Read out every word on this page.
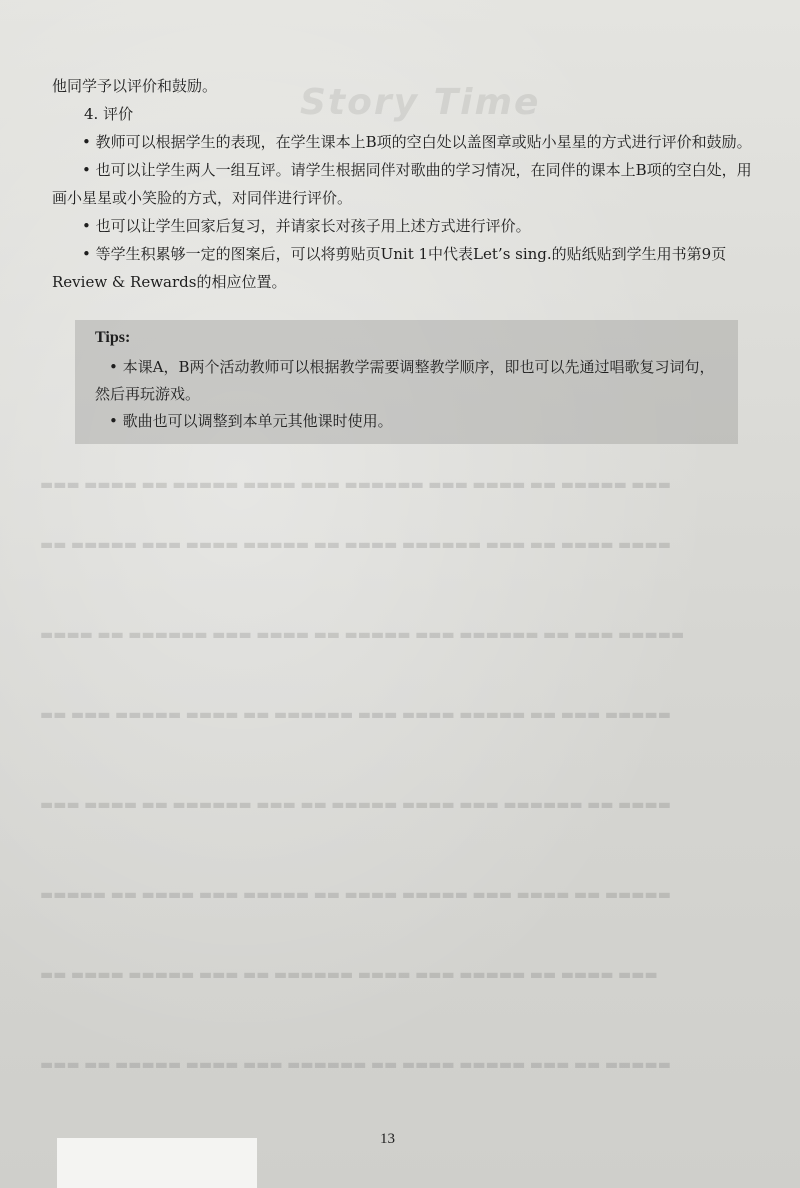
Story Time
▬▬▬ ▬▬▬▬ ▬▬ ▬▬▬▬▬ ▬▬▬▬ ▬▬▬ ▬▬▬▬▬▬ ▬▬▬ ▬▬▬▬ ▬▬ ▬▬▬▬▬ ▬▬▬
▬▬ ▬▬▬▬▬ ▬▬▬ ▬▬▬▬ ▬▬▬▬▬ ▬▬ ▬▬▬▬ ▬▬▬▬▬▬ ▬▬▬ ▬▬ ▬▬▬▬ ▬▬▬▬
▬▬▬▬ ▬▬ ▬▬▬▬▬▬ ▬▬▬ ▬▬▬▬ ▬▬ ▬▬▬▬▬ ▬▬▬ ▬▬▬▬▬▬ ▬▬ ▬▬▬ ▬▬▬▬▬
▬▬ ▬▬▬ ▬▬▬▬▬ ▬▬▬▬ ▬▬ ▬▬▬▬▬▬ ▬▬▬ ▬▬▬▬ ▬▬▬▬▬ ▬▬ ▬▬▬ ▬▬▬▬▬
▬▬▬ ▬▬▬▬ ▬▬ ▬▬▬▬▬▬ ▬▬▬ ▬▬ ▬▬▬▬▬ ▬▬▬▬ ▬▬▬ ▬▬▬▬▬▬ ▬▬ ▬▬▬▬
▬▬▬▬▬ ▬▬ ▬▬▬▬ ▬▬▬ ▬▬▬▬▬ ▬▬ ▬▬▬▬ ▬▬▬▬▬ ▬▬▬ ▬▬▬▬ ▬▬ ▬▬▬▬▬
▬▬ ▬▬▬▬ ▬▬▬▬▬ ▬▬▬ ▬▬ ▬▬▬▬▬▬ ▬▬▬▬ ▬▬▬ ▬▬▬▬▬ ▬▬ ▬▬▬▬ ▬▬▬
▬▬▬ ▬▬ ▬▬▬▬▬ ▬▬▬▬ ▬▬▬ ▬▬▬▬▬▬ ▬▬ ▬▬▬▬ ▬▬▬▬▬ ▬▬▬ ▬▬ ▬▬▬▬▬

他同学予以评价和鼓励。

4. 评价

• 教师可以根据学生的表现，在学生课本上B项的空白处以盖图章或贴小星星的方式进行评价和鼓励。

• 也可以让学生两人一组互评。请学生根据同伴对歌曲的学习情况，在同伴的课本上B项的空白处，用画小星星或小笑脸的方式，对同伴进行评价。

• 也可以让学生回家后复习，并请家长对孩子用上述方式进行评价。

• 等学生积累够一定的图案后，可以将剪贴页Unit 1中代表Let’s sing.的贴纸贴到学生用书第9页 Review & Rewards的相应位置。

Tips:

• 本课A，B两个活动教师可以根据教学需要调整教学顺序，即也可以先通过唱歌复习词句，然后再玩游戏。

• 歌曲也可以调整到本单元其他课时使用。

13
